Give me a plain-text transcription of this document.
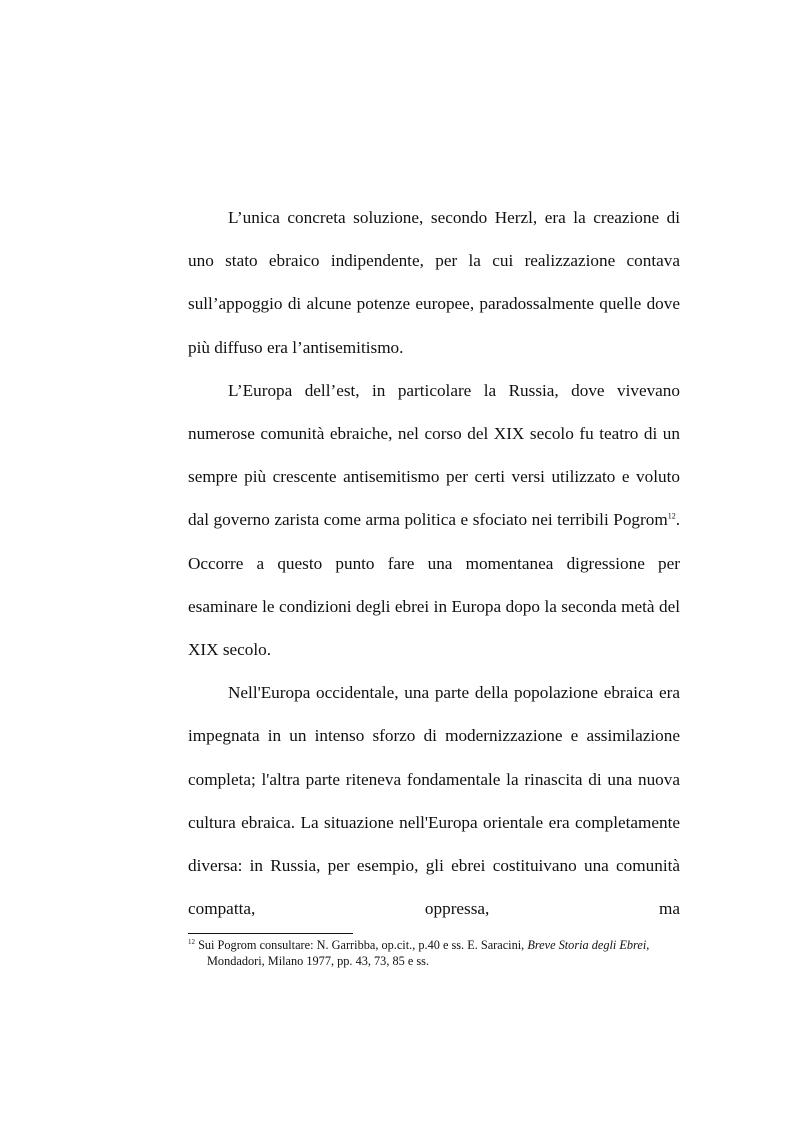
L’unica concreta soluzione, secondo Herzl, era la creazione di uno stato ebraico indipendente, per la cui realizzazione contava sull’appoggio di alcune potenze europee, paradossalmente quelle dove più diffuso era l’antisemitismo.

L’Europa dell’est, in particolare la Russia, dove vivevano numerose comunità ebraiche, nel corso del XIX secolo fu teatro di un sempre più crescente antisemitismo per certi versi utilizzato e voluto dal governo zarista come arma politica e sfociato nei terribili Pogrom$^{12}$. Occorre a questo punto fare una momentanea digressione per esaminare le condizioni degli ebrei in Europa dopo la seconda metà del XIX secolo.

Nell'Europa occidentale, una parte della popolazione ebraica era impegnata in un intenso sforzo di modernizzazione e assimilazione completa; l'altra parte riteneva fondamentale la rinascita di una nuova cultura ebraica. La situazione nell'Europa orientale era completamente diversa: in Russia, per esempio, gli ebrei costituivano una comunità compatta, oppressa, ma

$^{12}$ Sui Pogrom consultare: N. Garribba, op.cit., p.40 e ss. E. Saracini, Breve Storia degli Ebrei, Mondadori, Milano 1977, pp. 43, 73, 85 e ss.
